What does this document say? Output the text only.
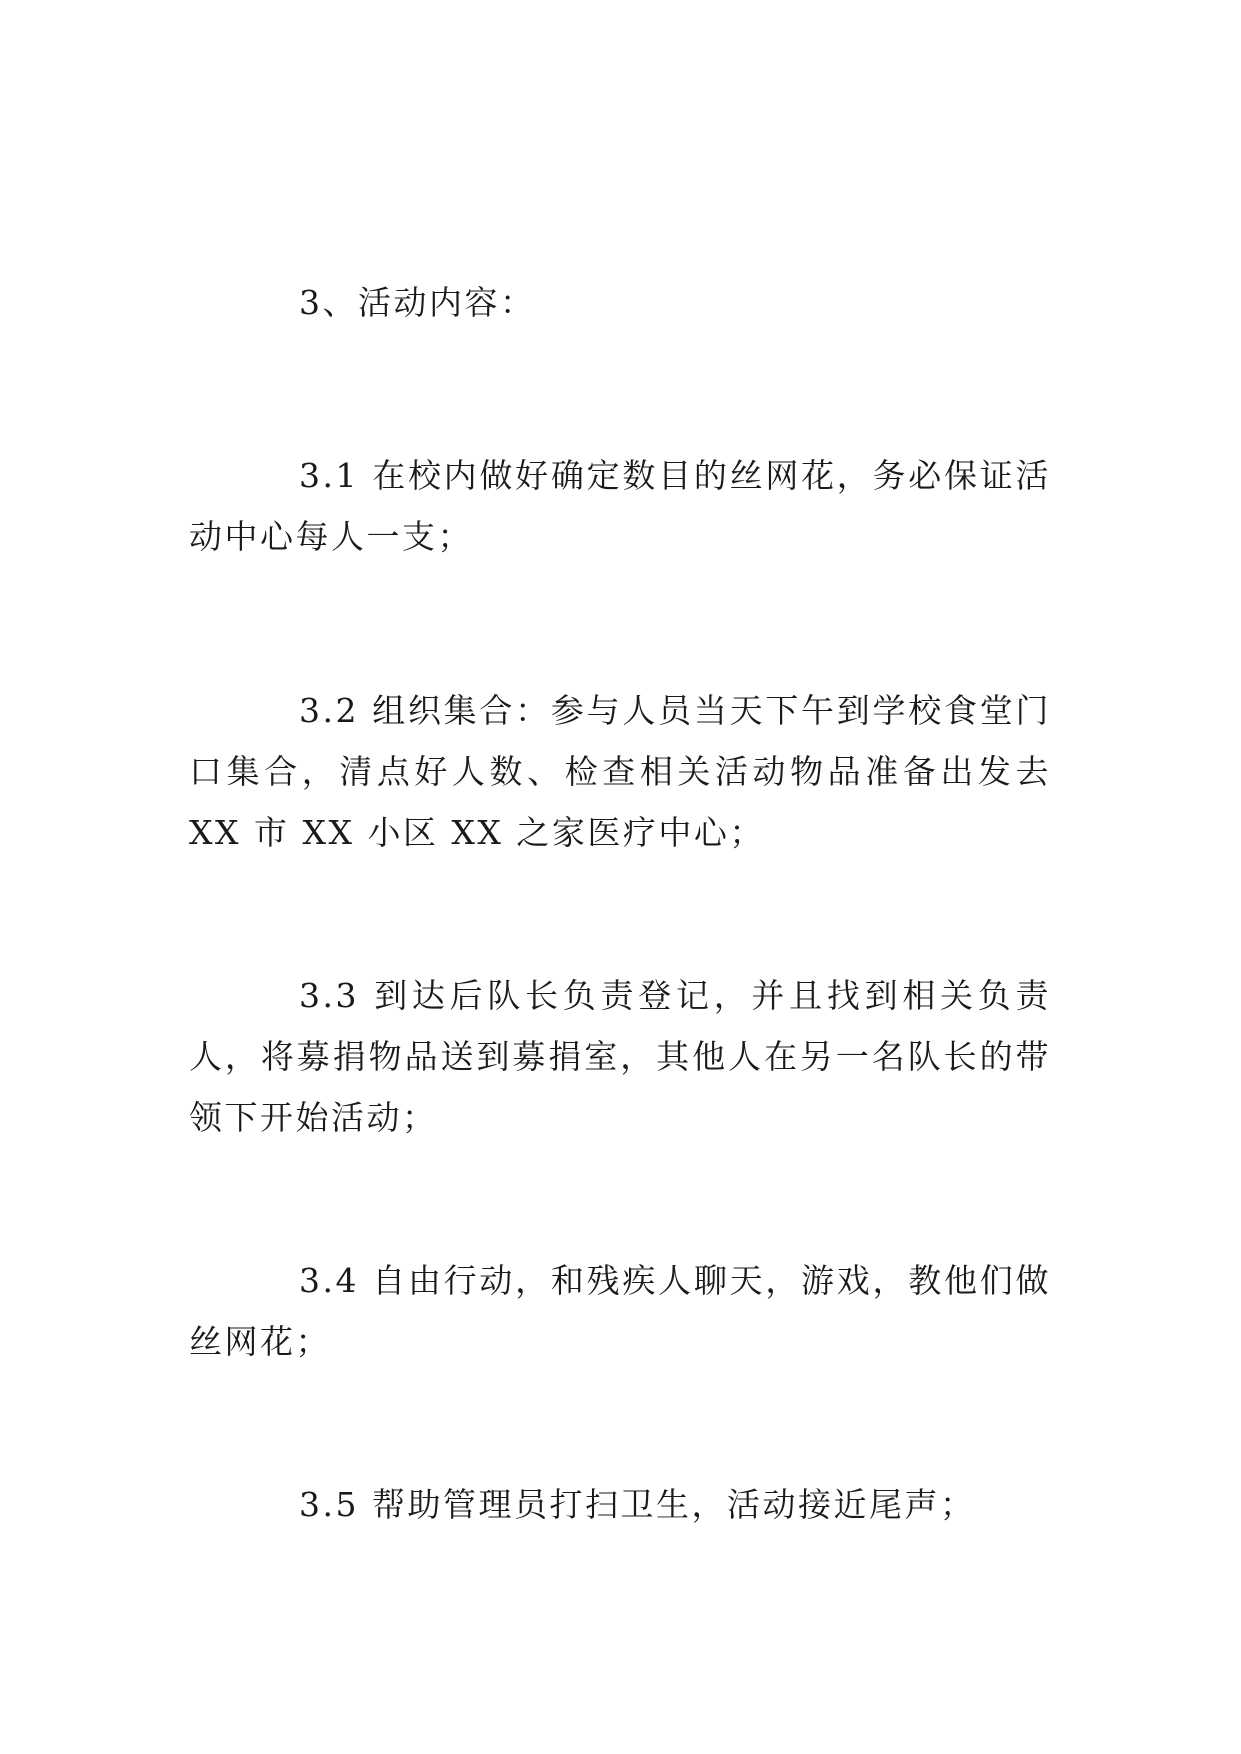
3、活动内容：

3.1 在校内做好确定数目的丝网花，务必保证活动中心每人一支；

3.2 组织集合：参与人员当天下午到学校食堂门口集合，清点好人数、检查相关活动物品准备出发去 XX 市 XX 小区 XX 之家医疗中心；

3.3 到达后队长负责登记，并且找到相关负责人，将募捐物品送到募捐室，其他人在另一名队长的带领下开始活动；

3.4 自由行动，和残疾人聊天，游戏，教他们做丝网花；

3.5 帮助管理员打扫卫生，活动接近尾声；
